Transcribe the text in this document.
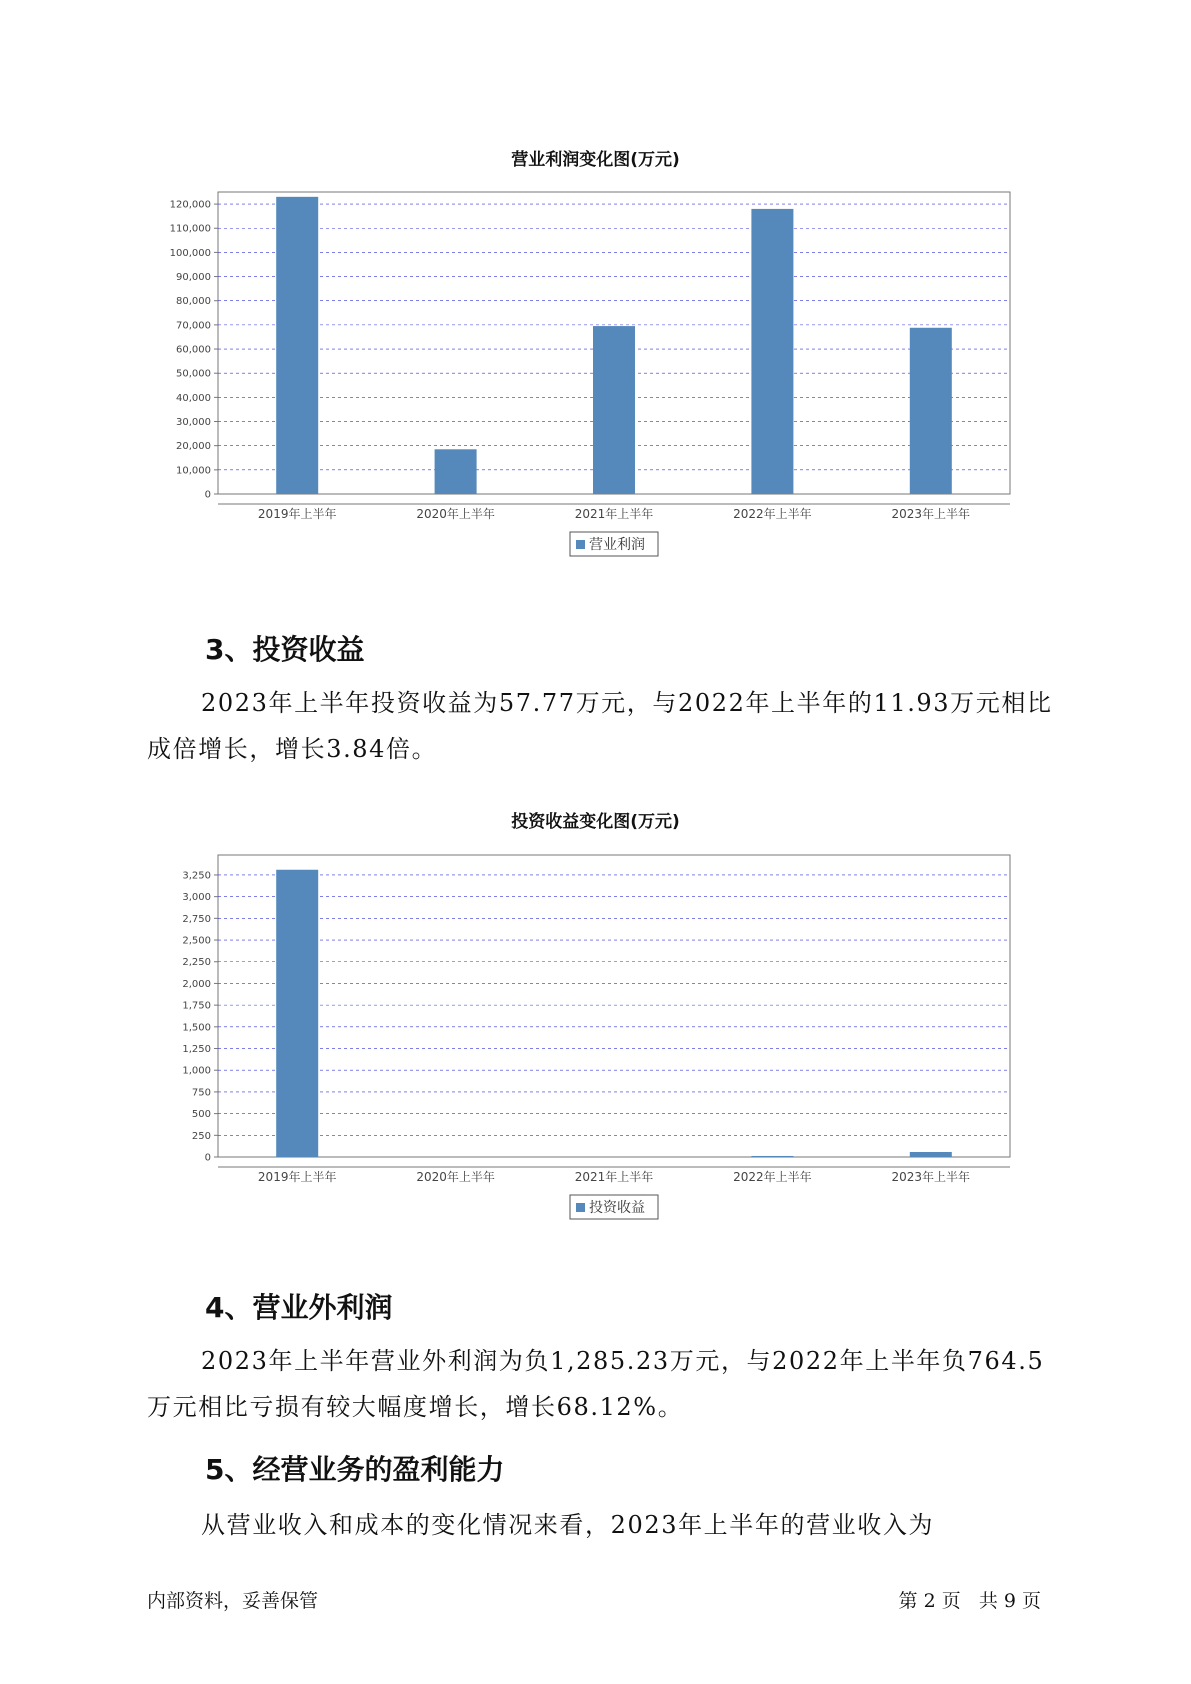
营业利润变化图(万元)
0
10,000
20,000
30,000
40,000
50,000
60,000
70,000
80,000
90,000
100,000
110,000
120,000
2019年上半年	2020年上半年	2021年上半年	2022年上半年	2023年上半年
营业利润
3、投资收益

2023年上半年投资收益为57.77万元，与2022年上半年的11.93万元相比成倍增长，增长3.84倍。

投资收益变化图(万元)
0
250
500
750
1,000
1,250
1,500
1,750
2,000
2,250
2,500
2,750
3,000
3,250
2019年上半年	2020年上半年	2021年上半年	2022年上半年	2023年上半年
投资收益
4、营业外利润

2023年上半年营业外利润为负1,285.23万元，与2022年上半年负764.5万元相比亏损有较大幅度增长，增长68.12%。

5、经营业务的盈利能力

从营业收入和成本的变化情况来看，2023年上半年的营业收入为

内部资料，妥善保管	第 2 页   共 9 页
